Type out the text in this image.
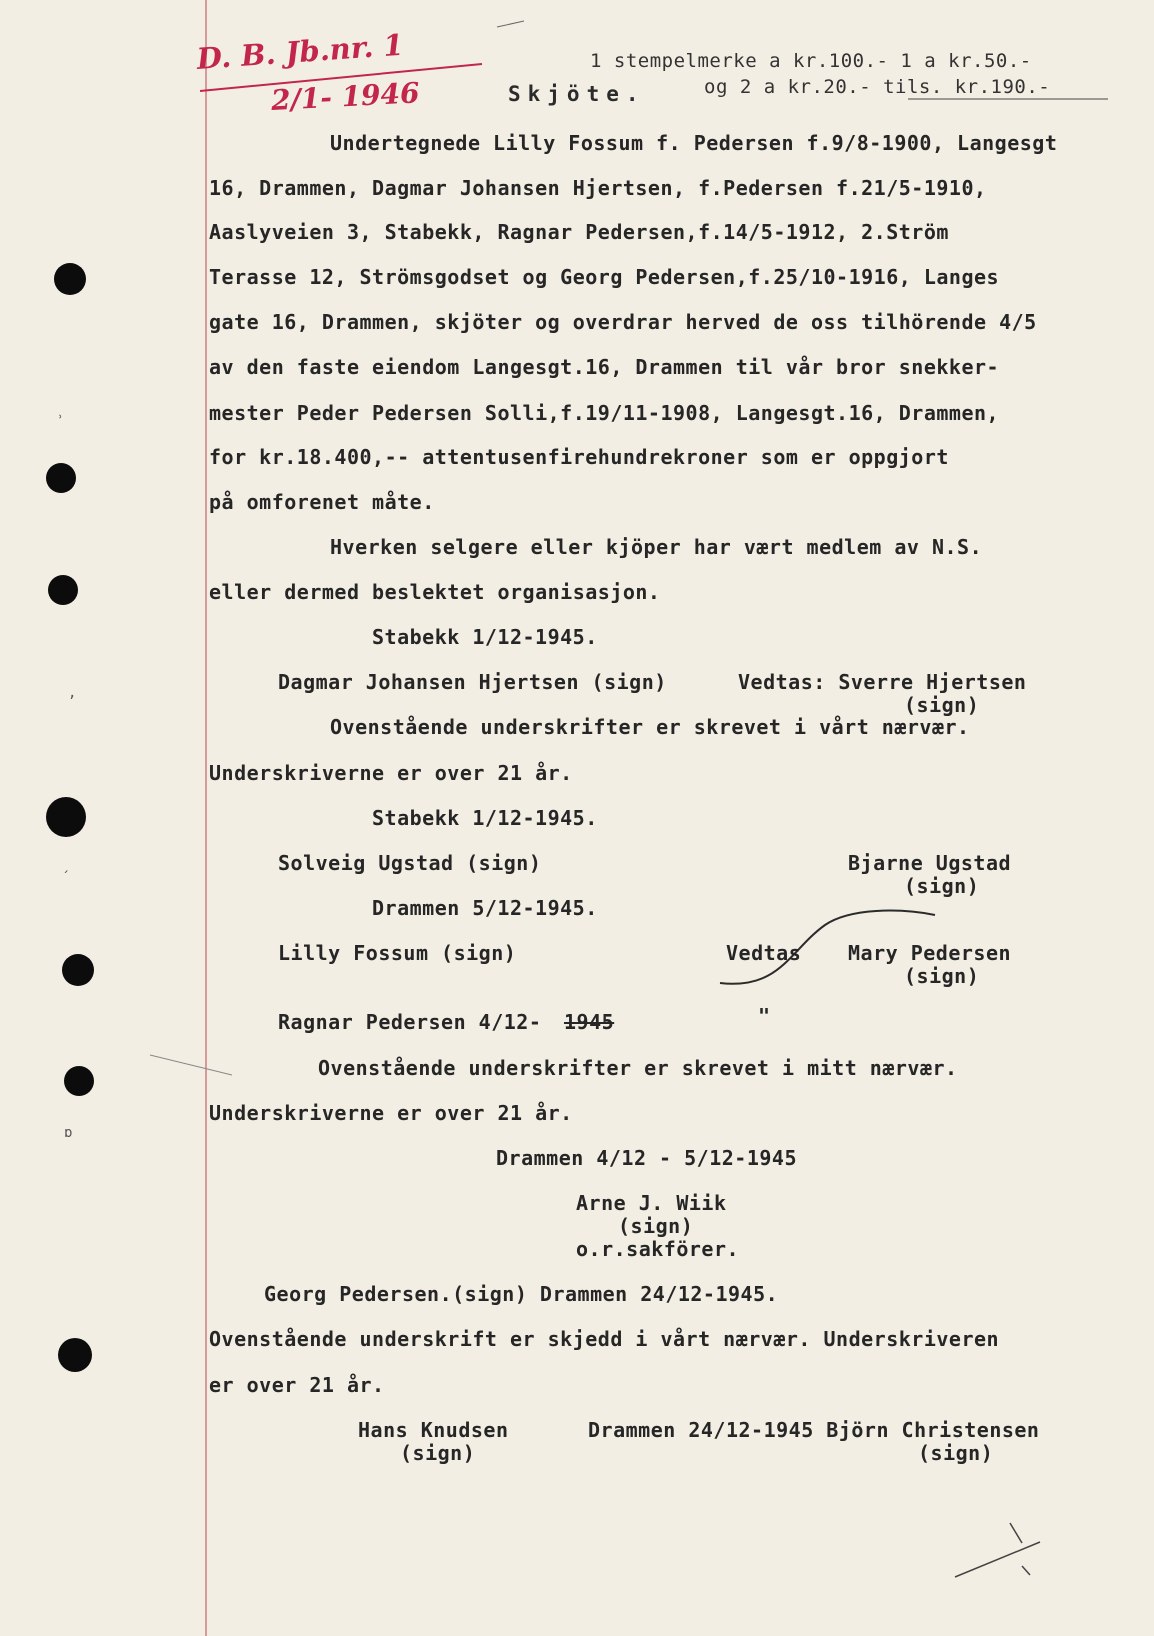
˒
‚
ˏ
ɒ
D. B. Jb.nr. 1
2/1- 1946	Skjöte.
1 stempelmerke a kr.100.- 1 a kr.50.-
og 2 a kr.20.- tils. kr.190.-
Undertegnede Lilly Fossum f. Pedersen f.9/8-1900, Langesgt
16, Drammen, Dagmar Johansen Hjertsen, f.Pedersen f.21/5-1910,
Aaslyveien 3, Stabekk, Ragnar Pedersen,f.14/5-1912, 2.Ström
Terasse 12, Strömsgodset og Georg Pedersen,f.25/10-1916, Langes
gate 16, Drammen, skjöter og overdrar herved de oss tilhörende 4/5
av den faste eiendom Langesgt.16, Drammen til vår bror snekker-
mester Peder Pedersen Solli,f.19/11-1908, Langesgt.16, Drammen,
for kr.18.400,-- attentusenfirehundrekroner som er oppgjort
på omforenet måte.
Hverken selgere eller kjöper har vært medlem av N.S.
eller dermed beslektet organisasjon.
Stabekk 1/12-1945.
Dagmar Johansen Hjertsen (sign)	Vedtas: Sverre Hjertsen
(sign)
Ovenstående underskrifter er skrevet i vårt nærvær.
Underskriverne er over 21 år.
Stabekk 1/12-1945.
Solveig Ugstad (sign)	Bjarne Ugstad
(sign)
Drammen 5/12-1945.
Lilly Fossum (sign)	Vedtas Mary Pedersen
(sign)
Ragnar Pedersen 4/12- 1945	"
Ovenstående underskrifter er skrevet i mitt nærvær.
Underskriverne er over 21 år.
Drammen 4/12 - 5/12-1945
Arne J. Wiik
(sign)
o.r.sakförer.
Georg Pedersen.(sign) Drammen 24/12-1945.
Ovenstående underskrift er skjedd i vårt nærvær. Underskriveren
er over 21 år.
Hans Knudsen	Drammen 24/12-1945 Björn Christensen
(sign)	(sign)
